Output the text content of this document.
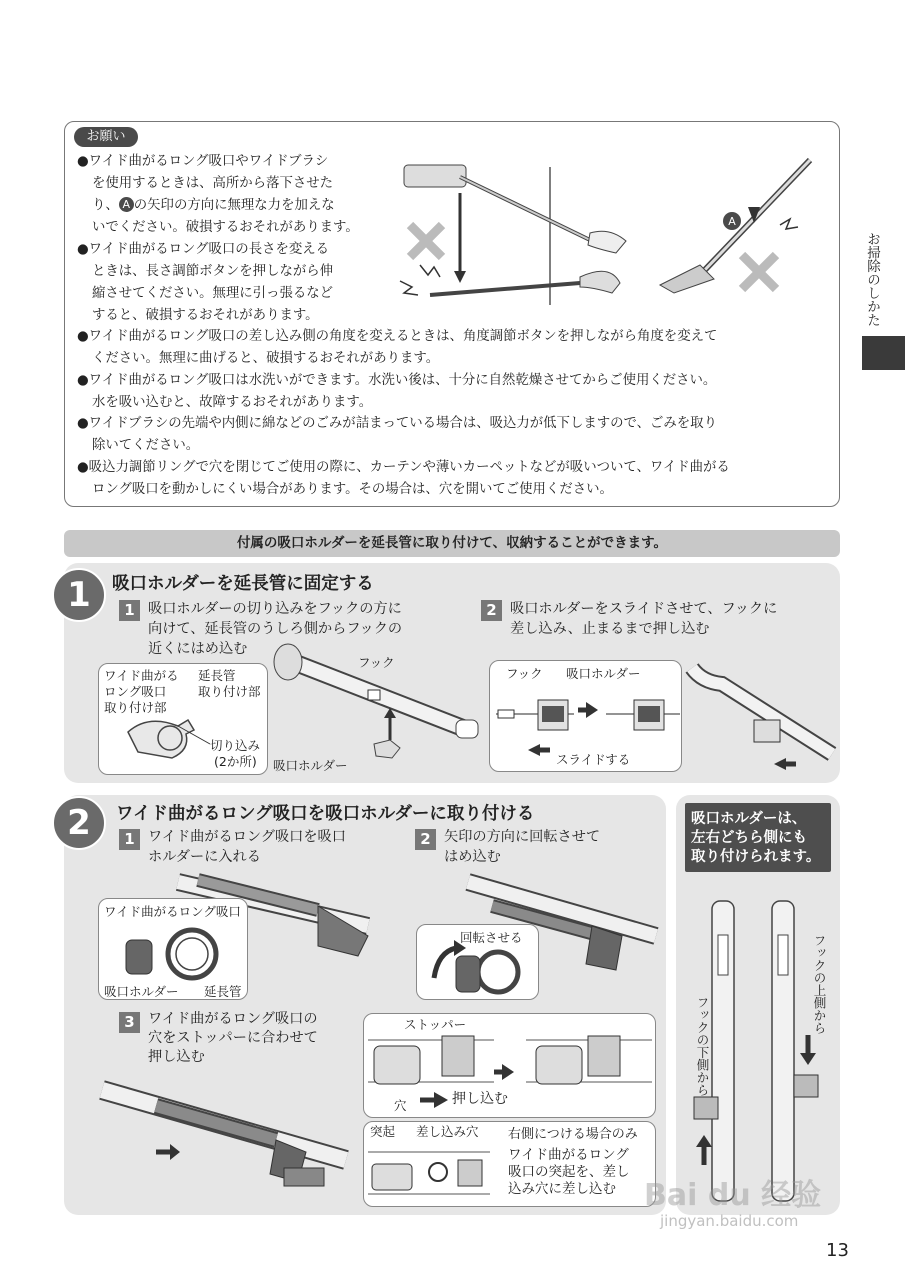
お願い
●ワイド曲がるロング吸口やワイドブラシ
を使用するときは、高所から落下させた
り、 A の矢印の方向に無理な力を加えな
いでください。破損するおそれがあります。
●ワイド曲がるロング吸口の長さを変える
ときは、長さ調節ボタンを押しながら伸
縮させてください。無理に引っ張るなど
すると、破損するおそれがあります。
●ワイド曲がるロング吸口の差し込み側の角度を変えるときは、角度調節ボタンを押しながら角度を変えて
ください。無理に曲げると、破損するおそれがあります。
●ワイド曲がるロング吸口は水洗いができます。水洗い後は、十分に自然乾燥させてからご使用ください。
水を吸い込むと、故障するおそれがあります。
●ワイドブラシの先端や内側に綿などのごみが詰まっている場合は、吸込力が低下しますので、ごみを取り
除いてください。
●吸込力調節リングで穴を閉じてご使用の際に、カーテンや薄いカーペットなどが吸いついて、ワイド曲がる
ロング吸口を動かしにくい場合があります。その場合は、穴を開いてご使用ください。
A
お掃除のしかた
付属の吸口ホルダーを延長管に取り付けて、収納することができます。
1	吸口ホルダーを延長管に固定する
1 吸口ホルダーの切り込みをフックの方に
向けて、延長管のうしろ側からフックの
近くにはめ込む
2 吸口ホルダーをスライドさせて、フックに
差し込み、止まるまで押し込む
ワイド曲がる
ロング吸口
取り付け部
延長管
取り付け部
切り込み
(2か所)
フック
吸口ホルダー
フック 吸口ホルダー
スライドする
2	ワイド曲がるロング吸口を吸口ホルダーに取り付ける
1 ワイド曲がるロング吸口を吸口
ホルダーに入れる
2 矢印の方向に回転させて
はめ込む
ワイド曲がるロング吸口
吸口ホルダー 延長管
回転させる
3 ワイド曲がるロング吸口の
穴をストッパーに合わせて
押し込む
ストッパー
穴	押し込む
突起 差し込み穴 右側につける場合のみ
ワイド曲がるロング
吸口の突起を、差し
込み穴に差し込む
吸口ホルダーは、
左右どちら側にも
取り付けられます。
フックの上側から
フックの下側から
Bai du 经验
jingyan.baidu.com
13
